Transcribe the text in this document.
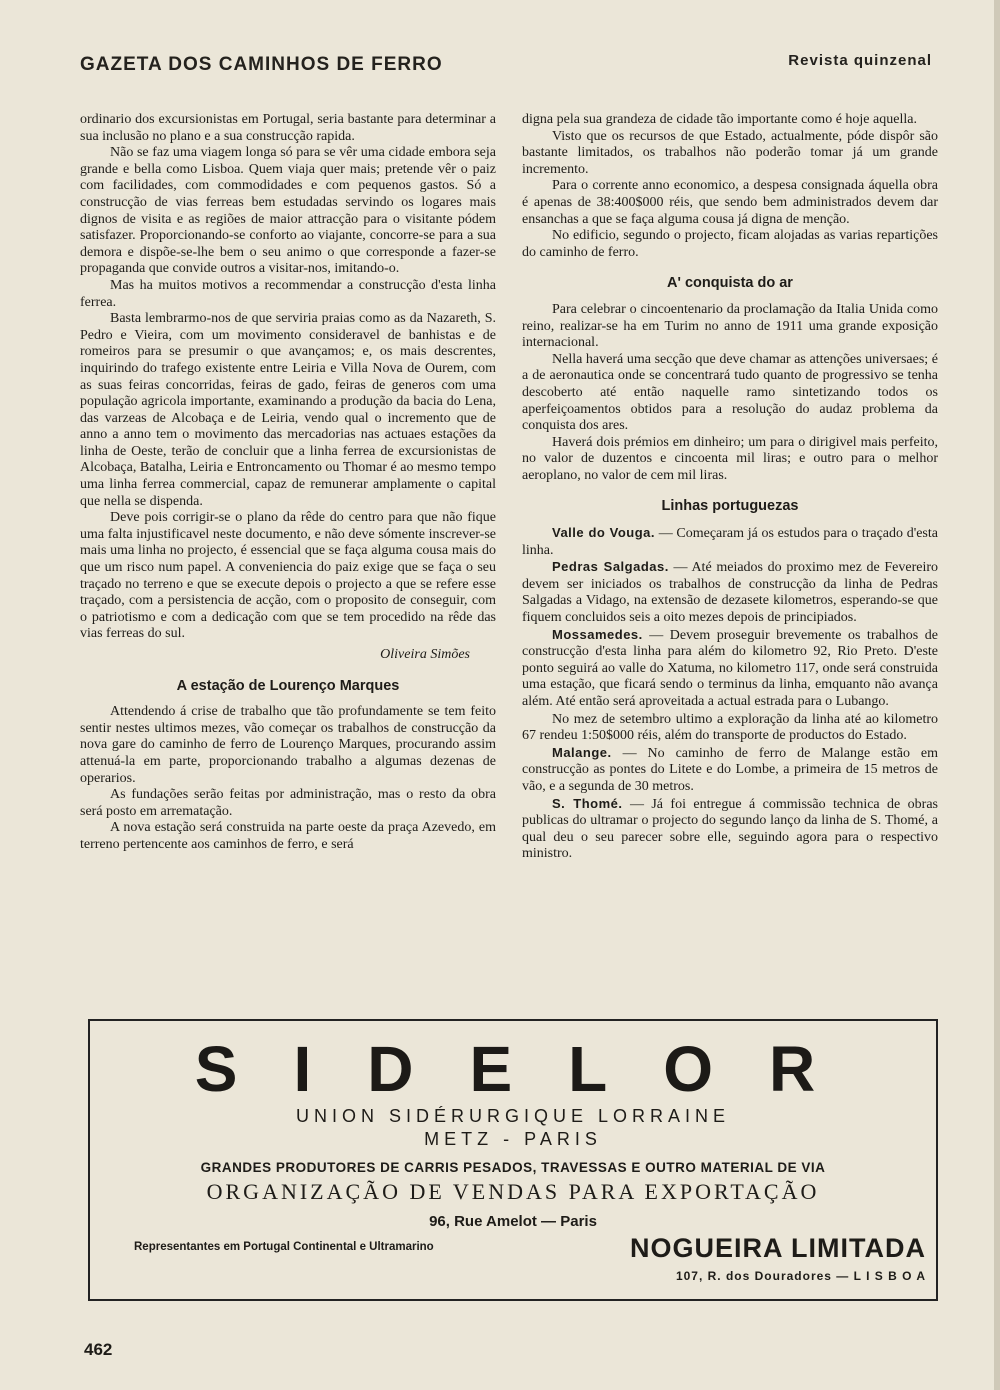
GAZETA DOS CAMINHOS DE FERRO	Revista quinzenal

ordinario dos excursionistas em Portugal, seria bastante para determinar a sua inclusão no plano e a sua construcção rapida.

Não se faz uma viagem longa só para se vêr uma cidade embora seja grande e bella como Lisboa. Quem viaja quer mais; pretende vêr o paiz com facilidades, com commodidades e com pequenos gastos. Só a construcção de vias ferreas bem estudadas servindo os logares mais dignos de visita e as regiões de maior attracção para o visitante pódem satisfazer. Proporcionando-se conforto ao viajante, concorre-se para a sua demora e dispõe-se-lhe bem o seu animo o que corresponde a fazer-se propaganda que convide outros a visitar-nos, imitando-o.

Mas ha muitos motivos a recommendar a construcção d'esta linha ferrea.

Basta lembrarmo-nos de que serviria praias como as da Nazareth, S. Pedro e Vieira, com um movimento consideravel de banhistas e de romeiros para se presumir o que avançamos; e, os mais descrentes, inquirindo do trafego existente entre Leiria e Villa Nova de Ourem, com as suas feiras concorridas, feiras de gado, feiras de generos com uma população agricola importante, examinando a produção da bacia do Lena, das varzeas de Alcobaça e de Leiria, vendo qual o incremento que de anno a anno tem o movimento das mercadorias nas actuaes estações da linha de Oeste, terão de concluir que a linha ferrea de excursionistas de Alcobaça, Batalha, Leiria e Entroncamento ou Thomar é ao mesmo tempo uma linha ferrea commercial, capaz de remunerar amplamente o capital que nella se dispenda.

Deve pois corrigir-se o plano da rêde do centro para que não fique uma falta injustificavel neste documento, e não deve sómente inscrever-se mais uma linha no projecto, é essencial que se faça alguma cousa mais do que um risco num papel. A conveniencia do paiz exige que se faça o seu traçado no terreno e que se execute depois o projecto a que se refere esse traçado, com a persistencia de acção, com o proposito de conseguir, com o patriotismo e com a dedicação com que se tem procedido na rêde das vias ferreas do sul.

Oliveira Simões
A estação de Lourenço Marques

Attendendo á crise de trabalho que tão profundamente se tem feito sentir nestes ultimos mezes, vão começar os trabalhos de construcção da nova gare do caminho de ferro de Lourenço Marques, procurando assim attenuá-la em parte, proporcionando trabalho a algumas dezenas de operarios.

As fundações serão feitas por administração, mas o resto da obra será posto em arrematação.

A nova estação será construida na parte oeste da praça Azevedo, em terreno pertencente aos caminhos de ferro, e será

digna pela sua grandeza de cidade tão importante como é hoje aquella.

Visto que os recursos de que Estado, actualmente, póde dispôr são bastante limitados, os trabalhos não poderão tomar já um grande incremento.

Para o corrente anno economico, a despesa consignada áquella obra é apenas de 38:400$000 réis, que sendo bem administrados devem dar ensanchas a que se faça alguma cousa já digna de menção.

No edificio, segundo o projecto, ficam alojadas as varias repartições do caminho de ferro.

A' conquista do ar

Para celebrar o cincoentenario da proclamação da Italia Unida como reino, realizar-se ha em Turim no anno de 1911 uma grande exposição internacional.

Nella haverá uma secção que deve chamar as attenções universaes; é a de aeronautica onde se concentrará tudo quanto de progressivo se tenha descoberto até então naquelle ramo sintetizando todos os aperfeiçoamentos obtidos para a resolução do audaz problema da conquista dos ares.

Haverá dois prémios em dinheiro; um para o dirigivel mais perfeito, no valor de duzentos e cincoenta mil liras; e outro para o melhor aeroplano, no valor de cem mil liras.

Linhas portuguezas

Valle do Vouga. — Começaram já os estudos para o traçado d'esta linha.

Pedras Salgadas. — Até meiados do proximo mez de Fevereiro devem ser iniciados os trabalhos de construcção da linha de Pedras Salgadas a Vidago, na extensão de dezasete kilometros, esperando-se que fiquem concluidos seis a oito mezes depois de principiados.

Mossamedes. — Devem proseguir brevemente os trabalhos de construcção d'esta linha para além do kilometro 92, Rio Preto. D'este ponto seguirá ao valle do Xatuma, no kilometro 117, onde será construida uma estação, que ficará sendo o terminus da linha, emquanto não avança além. Até então será aproveitada a actual estrada para o Lubango.

No mez de setembro ultimo a exploração da linha até ao kilometro 67 rendeu 1:50$000 réis, além do transporte de productos do Estado.

Malange. — No caminho de ferro de Malange estão em construcção as pontes do Litete e do Lombe, a primeira de 15 metros de vão, e a segunda de 30 metros.

S. Thomé. — Já foi entregue á commissão technica de obras publicas do ultramar o projecto do segundo lanço da linha de S. Thomé, a qual deu o seu parecer sobre elle, seguindo agora para o respectivo ministro.

SIDELOR
UNION SIDÉRURGIQUE LORRAINE
METZ - PARIS
GRANDES PRODUTORES DE CARRIS PESADOS, TRAVESSAS E OUTRO MATERIAL DE VIA
ORGANIZAÇÃO DE VENDAS PARA EXPORTAÇÃO
96, Rue Amelot — Paris
Representantes em Portugal Continental e Ultramarino	NOGUEIRA LIMITADA
107, R. dos Douradores — L I S B O A
462
